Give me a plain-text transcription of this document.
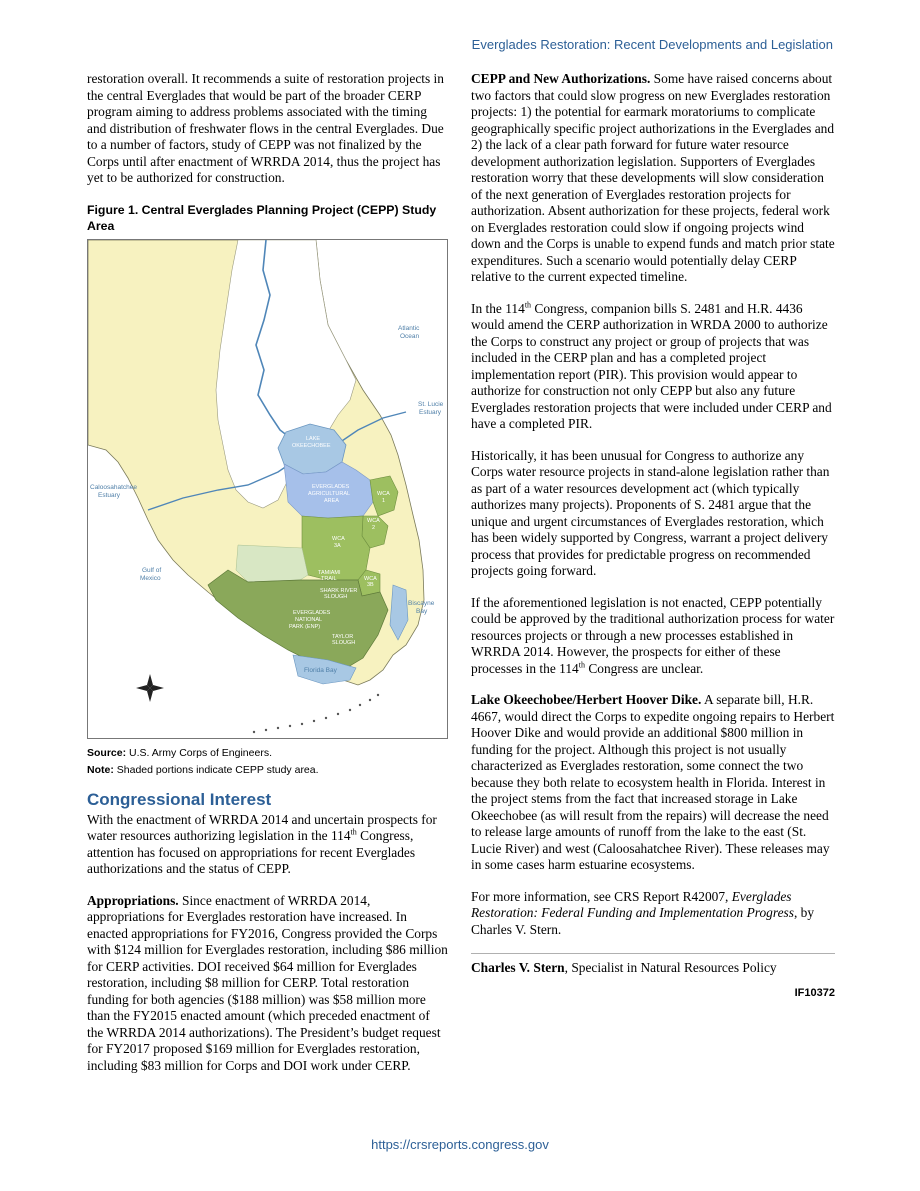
Everglades Restoration: Recent Developments and Legislation

restoration overall. It recommends a suite of restoration projects in the central Everglades that would be part of the broader CERP program aiming to address problems associated with the timing and distribution of freshwater flows in the central Everglades. Due to a number of factors, study of CEPP was not finalized by the Corps until after enactment of WRRDA 2014, thus the project has yet to be authorized for construction.

Figure 1. Central Everglades Planning Project (CEPP) Study Area
Atlantic Ocean
St. Lucie Estuary
LAKE OKEECHOBEE
EVERGLADES AGRICULTURAL AREA
WCA 1
WCA 2
WCA 3A
Caloosahatchee Estuary
Gulf of Mexico
TAMIAMI TRAIL	WCA 3B
SHARK RIVER SLOUGH
EVERGLADES NATIONAL PARK (ENP)
TAYLOR SLOUGH
Biscayne Bay
Florida Bay
Source: U.S. Army Corps of Engineers.
Note: Shaded portions indicate CEPP study area.
Congressional Interest

With the enactment of WRRDA 2014 and uncertain prospects for water resources authorizing legislation in the 114th Congress, attention has focused on appropriations for recent Everglades authorizations and the status of CEPP.

Appropriations. Since enactment of WRRDA 2014, appropriations for Everglades restoration have increased. In enacted appropriations for FY2016, Congress provided the Corps with $124 million for Everglades restoration, including $86 million for CERP activities. DOI received $64 million for Everglades restoration, including $8 million for CERP. Total restoration funding for both agencies ($188 million) was $58 million more than the FY2015 enacted amount (which preceded enactment of the WRRDA 2014 authorizations). The President’s budget request for FY2017 proposed $169 million for Everglades restoration, including $83 million for Corps and DOI work under CERP.

CEPP and New Authorizations. Some have raised concerns about two factors that could slow progress on new Everglades restoration projects: 1) the potential for earmark moratoriums to complicate geographically specific project authorizations in the Everglades and 2) the lack of a clear path forward for future water resource development authorization legislation. Supporters of Everglades restoration worry that these developments will slow consideration of the next generation of Everglades restoration projects for authorization. Absent authorization for these projects, federal work on Everglades restoration could slow if ongoing projects wind down and the Corps is unable to expend funds and match prior state expenditures. Such a scenario would potentially delay CERP relative to the current expected timeline.

In the 114th Congress, companion bills S. 2481 and H.R. 4436 would amend the CERP authorization in WRDA 2000 to authorize the Corps to construct any project or group of projects that was included in the CERP plan and has a completed project implementation report (PIR). This provision would appear to authorize for construction not only CEPP but also any future Everglades restoration projects that were included under CERP and have a completed PIR.

Historically, it has been unusual for Congress to authorize any Corps water resource projects in stand-alone legislation rather than as part of a water resources development act (which typically authorizes many projects). Proponents of S. 2481 argue that the unique and urgent circumstances of Everglades restoration, which has been widely supported by Congress, warrant a project delivery process that provides for predictable progress on recommended projects going forward.

If the aforementioned legislation is not enacted, CEPP potentially could be approved by the traditional authorization process for water resources projects or through a new processes established in WRRDA 2014. However, the prospects for either of these processes in the 114th Congress are unclear.

Lake Okeechobee/Herbert Hoover Dike. A separate bill, H.R. 4667, would direct the Corps to expedite ongoing repairs to Herbert Hoover Dike and would provide an additional $800 million in funding for the project. Although this project is not usually characterized as Everglades restoration, some connect the two because they both relate to ecosystem health in Florida. Interest in the project stems from the fact that increased storage in Lake Okeechobee (as will result from the repairs) will decrease the need to release large amounts of runoff from the lake to the east (St. Lucie River) and west (Caloosahatchee River). These releases may in some cases harm estuarine ecosystems.

For more information, see CRS Report R42007, Everglades Restoration: Federal Funding and Implementation Progress, by Charles V. Stern.

Charles V. Stern, Specialist in Natural Resources Policy

IF10372
https://crsreports.congress.gov
